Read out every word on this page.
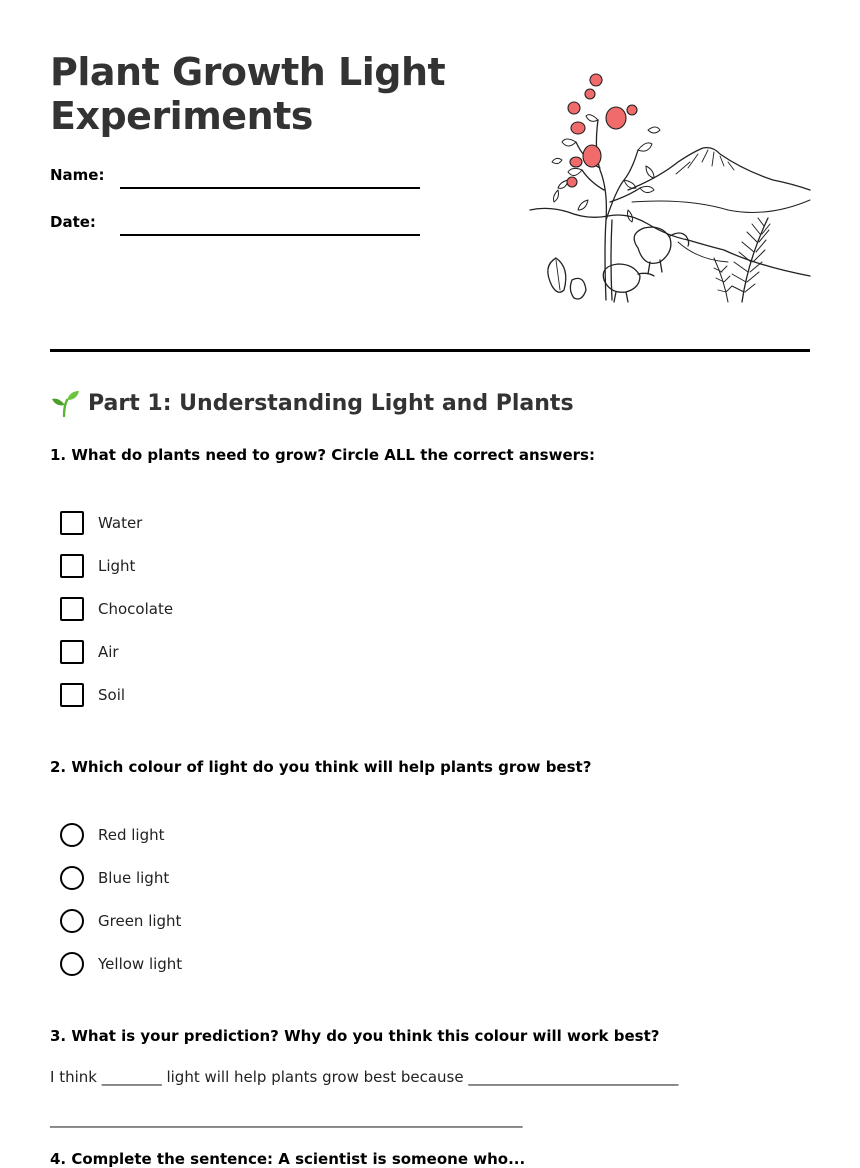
Plant Growth Light
Experiments
Name:
Date:
Part 1: Understanding Light and Plants
1. What do plants need to grow? Circle ALL the correct answers:
Water
Light
Chocolate
Air
Soil
2. Which colour of light do you think will help plants grow best?
Red light
Blue light
Green light
Yellow light
3. What is your prediction? Why do you think this colour will work best?
I think ________ light will help plants grow best because ____________________________
_______________________________________________________________
4. Complete the sentence: A scientist is someone who...
